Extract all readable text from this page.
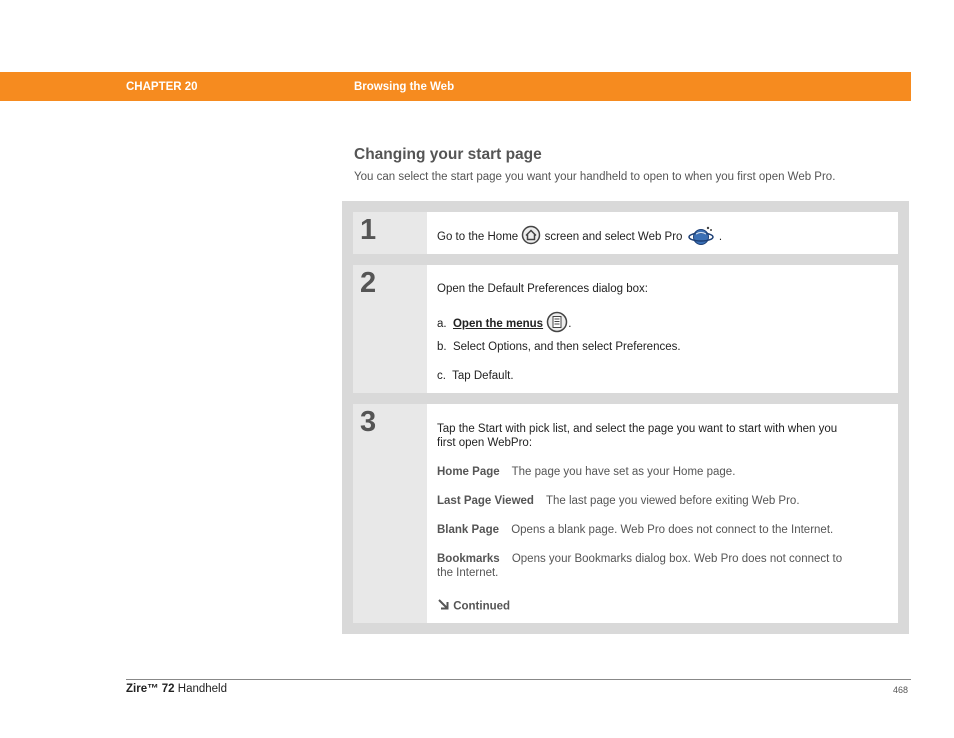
CHAPTER 20	Browsing the Web
Changing your start page

You can select the start page you want your handheld to open to when you first open Web Pro.

1	Go to the Home screen and select Web Pro	.
2	Open the Default Preferences dialog box:
a. Open the menus .
b. Select Options, and then select Preferences.
c. Tap Default.
3	Tap the Start with pick list, and select the page you want to start with when you
first open WebPro:
Home Page The page you have set as your Home page.
Last Page Viewed The last page you viewed before exiting Web Pro.
Blank Page Opens a blank page. Web Pro does not connect to the Internet.
Bookmarks Opens your Bookmarks dialog box. Web Pro does not connect to
the Internet.
Continued
Zire™ 72 Handheld	468
